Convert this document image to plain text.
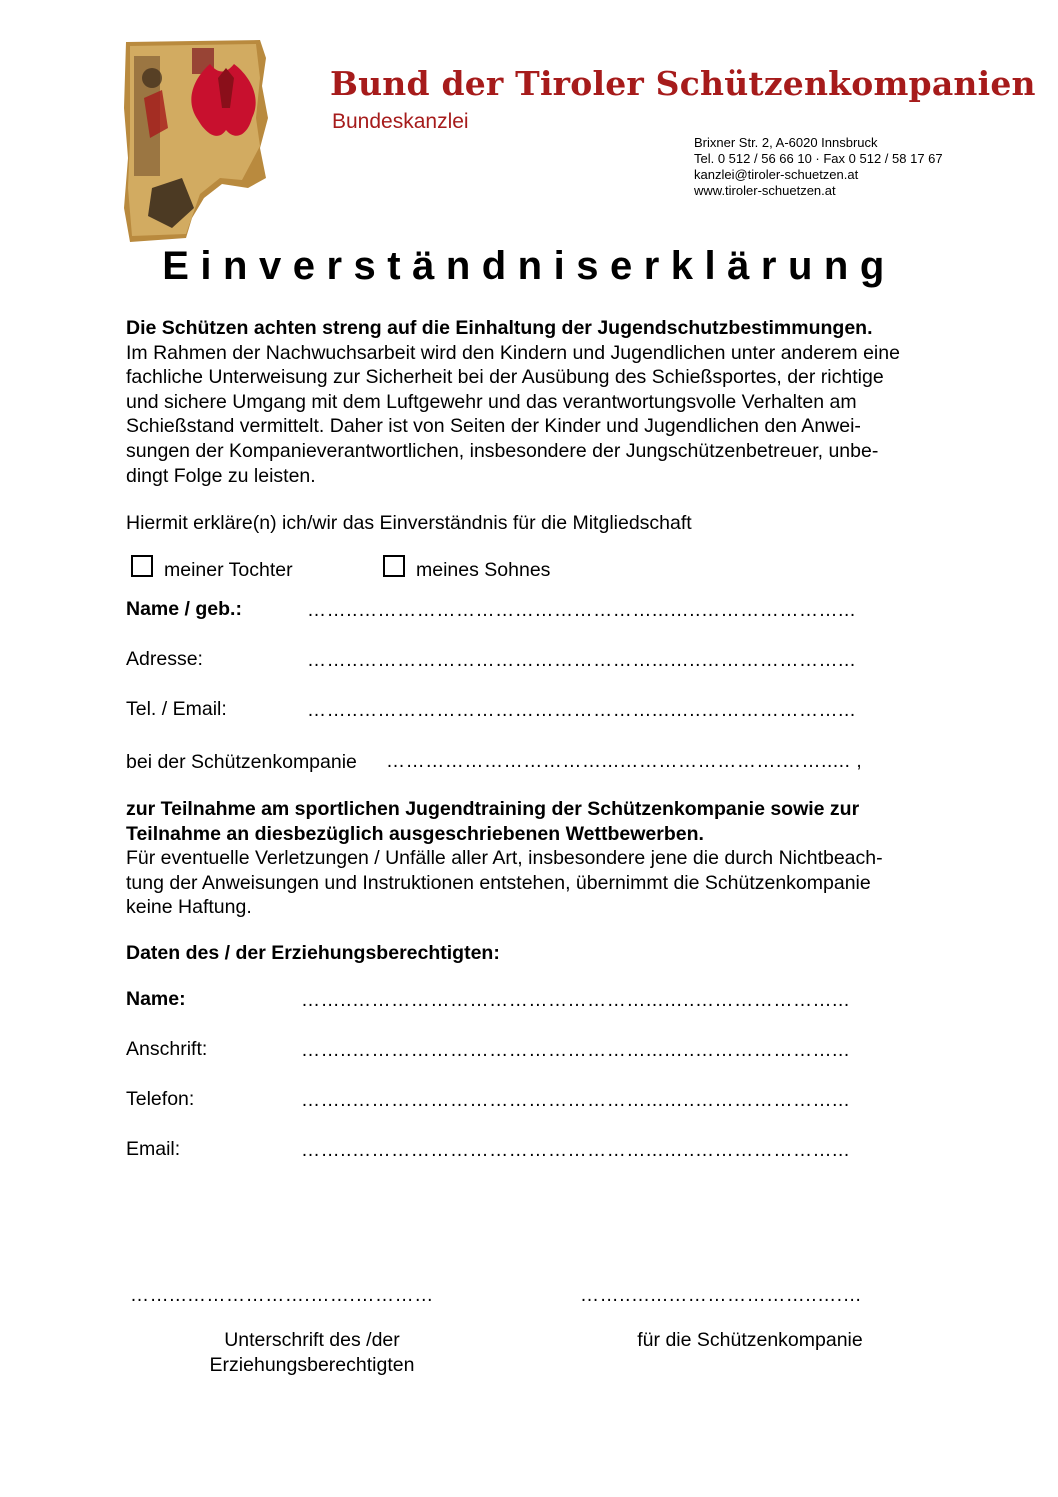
Bund der Tiroler Schützenkompanien
Bundeskanzlei
Brixner Str. 2, A-6020 Innsbruck
Tel. 0 512 / 56 66 10 · Fax 0 512 / 58 17 67
kanzlei@tiroler-schuetzen.at
www.tiroler-schuetzen.at
Einverständniserklärung
Die Schützen achten streng auf die Einhaltung der Jugendschutzbestimmungen.
Im Rahmen der Nachwuchsarbeit wird den Kindern und Jugendlichen unter anderem eine
fachliche Unterweisung zur Sicherheit bei der Ausübung des Schießsportes, der richtige
und sichere Umgang mit dem Luftgewehr und das verantwortungsvolle Verhalten am
Schießstand vermittelt. Daher ist von Seiten der Kinder und Jugendlichen den Anwei-
sungen der Kompanieverantwortlichen, insbesondere der Jungschützenbetreuer, unbe-
dingt Folge zu leisten.
Hiermit erkläre(n) ich/wir das Einverständnis für die Mitgliedschaft
meiner Tochter	meines Sohnes
Name / geb.:	……..………………………………………...…..…………………...
Adresse:	……..………………………………………...…..…………………...
Tel. / Email:	……..………………………………………...…..…………………...
bei der Schützenkompanie ……………………………...…………………….……..... ,
zur Teilnahme am sportlichen Jugendtraining der Schützenkompanie sowie zur
Teilnahme an diesbezüglich ausgeschriebenen Wettbewerben.
Für eventuelle Verletzungen / Unfälle aller Art, insbesondere jene die durch Nichtbeach-
tung der Anweisungen und Instruktionen entstehen, übernimmt die Schützenkompanie
keine Haftung.
Daten des / der Erziehungsberechtigten:
Name:	……..………………………………………...…..…………………...
Anschrift:	……..………………………………………...…..…………………...
Telefon:	……..………………………………………...…..…………………...
Email:	……..………………………………………...…..…………………...
……...……………….…….…………	……..…...…………………..….…
Unterschrift des /der
Erziehungsberechtigten
für die Schützenkompanie
